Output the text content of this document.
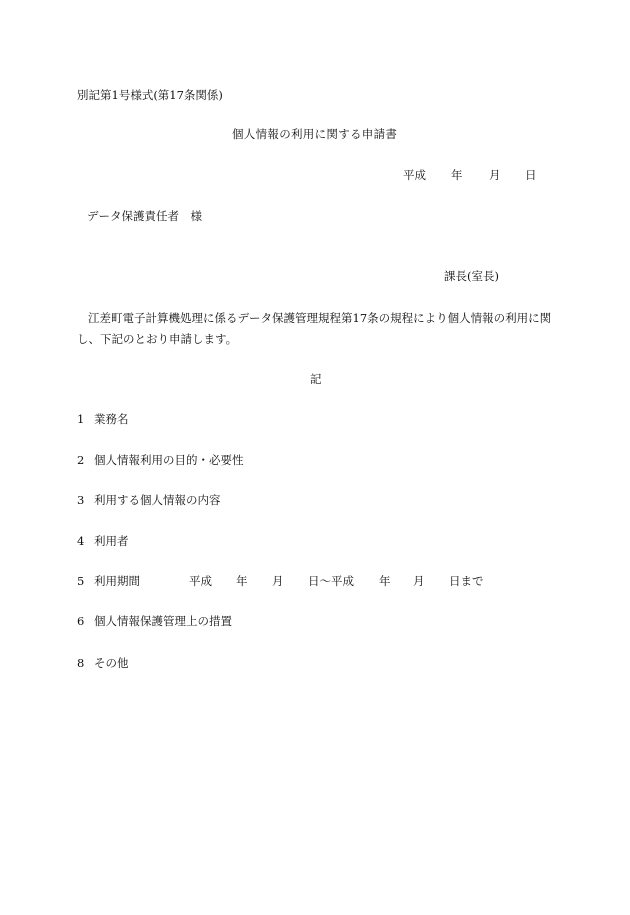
別記第1号様式(第17条関係)
個人情報の利用に関する申請書
平成 年 月 日
データ保護責任者　様
課長(室長)
江差町電子計算機処理に係るデータ保護管理規程第17条の規程により個人情報の利用に関し、下記のとおり申請します。
記
1 業務名
2 個人情報利用の目的・必要性
3 利用する個人情報の内容
4 利用者
5 利用期間	平成 年 月 日～平成 年 月 日まで
6 個人情報保護管理上の措置
8 その他
